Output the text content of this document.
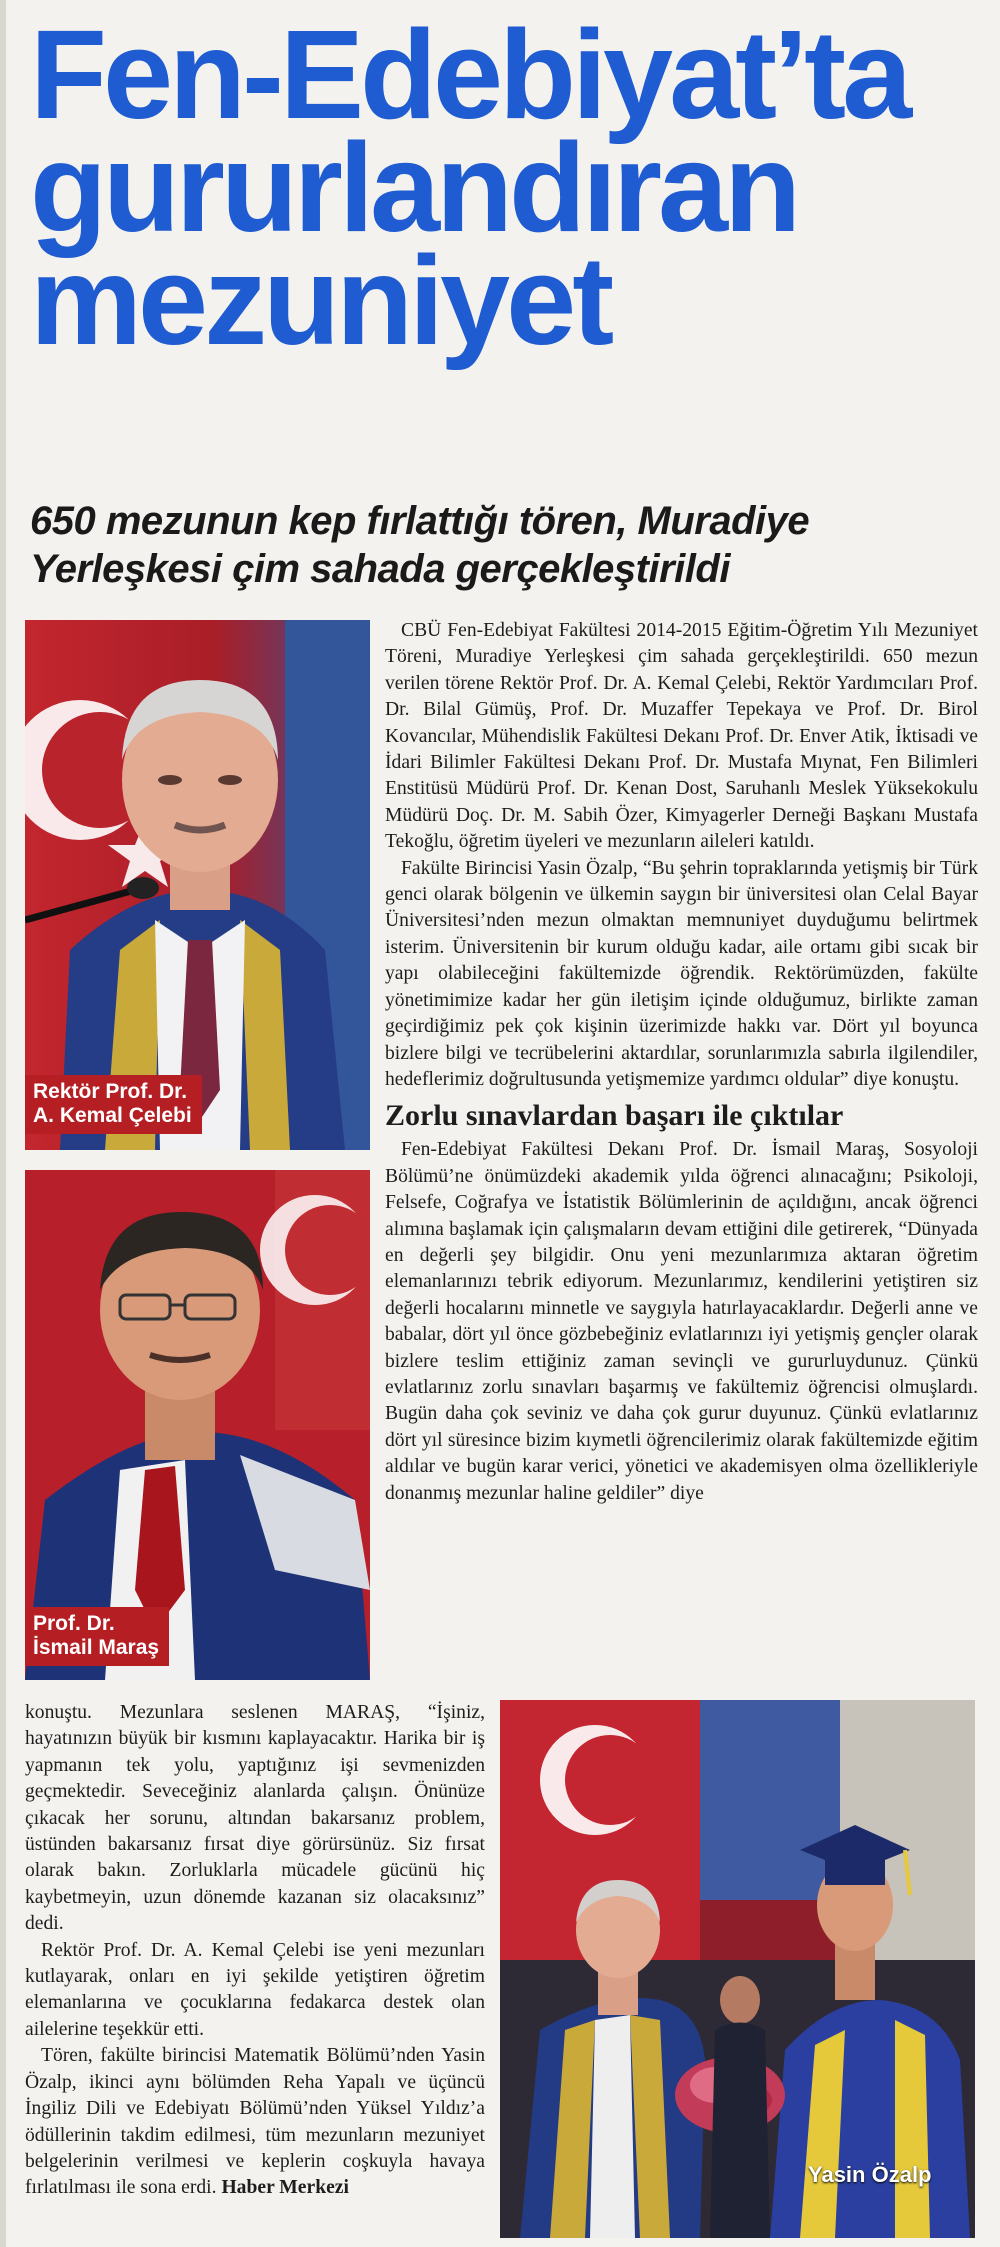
Fen-Edebiyat’ta
gururlandıran
mezuniyet
650 mezunun kep fırlattığı tören, Muradiye Yerleşkesi çim sahada gerçekleştirildi
Rektör Prof. Dr.
A. Kemal Çelebi
Prof. Dr.
İsmail Maraş
Yasin Özalp

CBÜ Fen-Edebiyat Fakültesi 2014-2015 Eğitim-Öğretim Yılı Mezuniyet Töreni, Muradiye Yerleşkesi çim sahada gerçekleştirildi. 650 mezun verilen törene Rektör Prof. Dr. A. Kemal Çelebi, Rektör Yardımcıları Prof. Dr. Bilal Gümüş, Prof. Dr. Muzaffer Tepekaya ve Prof. Dr. Birol Kovancılar, Mühendislik Fakültesi Dekanı Prof. Dr. Enver Atik, İktisadi ve İdari Bilimler Fakültesi Dekanı Prof. Dr. Mustafa Mıynat, Fen Bilimleri Enstitüsü Müdürü Prof. Dr. Kenan Dost, Saruhanlı Meslek Yüksekokulu Müdürü Doç. Dr. M. Sabih Özer, Kimyagerler Derneği Başkanı Mustafa Tekoğlu, öğretim üyeleri ve mezunların aileleri katıldı.

Fakülte Birincisi Yasin Özalp, “Bu şehrin topraklarında yetişmiş bir Türk genci olarak bölgenin ve ülkemin saygın bir üniversitesi olan Celal Bayar Üniversitesi’nden mezun olmaktan memnuniyet duyduğumu belirtmek isterim. Üniversitenin bir kurum olduğu kadar, aile ortamı gibi sıcak bir yapı olabileceğini fakültemizde öğrendik. Rektörümüzden, fakülte yönetimimize kadar her gün iletişim içinde olduğumuz, birlikte zaman geçirdiğimiz pek çok kişinin üzerimizde hakkı var. Dört yıl boyunca bizlere bilgi ve tecrübelerini aktardılar, sorunlarımızla sabırla ilgilendiler, hedeflerimiz doğrultusunda yetişmemize yardımcı oldular” diye konuştu.

Zorlu sınavlardan başarı ile çıktılar

Fen-Edebiyat Fakültesi Dekanı Prof. Dr. İsmail Maraş, Sosyoloji Bölümü’ne önümüzdeki akademik yılda öğrenci alınacağını; Psikoloji, Felsefe, Coğrafya ve İstatistik Bölümlerinin de açıldığını, ancak öğrenci alımına başlamak için çalışmaların devam ettiğini dile getirerek, “Dünyada en değerli şey bilgidir. Onu yeni mezunlarımıza aktaran öğretim elemanlarınızı tebrik ediyorum. Mezunlarımız, kendilerini yetiştiren siz değerli hocalarını minnetle ve saygıyla hatırlayacaklardır. Değerli anne ve babalar, dört yıl önce gözbebeğiniz evlatlarınızı iyi yetişmiş gençler olarak bizlere teslim ettiğiniz zaman sevinçli ve gururluydunuz. Çünkü evlatlarınız zorlu sınavları başarmış ve fakültemiz öğrencisi olmuşlardı. Bugün daha çok seviniz ve daha çok gurur duyunuz. Çünkü evlatlarınız dört yıl süresince bizim kıymetli öğrencilerimiz olarak fakültemizde eğitim aldılar ve bugün karar verici, yönetici ve akademisyen olma özellikleriyle donanmış mezunlar haline geldiler” diye

konuştu. Mezunlara seslenen MARAŞ, “İşiniz, hayatınızın büyük bir kısmını kaplayacaktır. Harika bir iş yapmanın tek yolu, yaptığınız işi sevmenizden geçmektedir. Seveceğiniz alanlarda çalışın. Önünüze çıkacak her sorunu, altından bakarsanız problem, üstünden bakarsanız fırsat diye görürsünüz. Siz fırsat olarak bakın. Zorluklarla mücadele gücünü hiç kaybetmeyin, uzun dönemde kazanan siz olacaksınız” dedi.

Rektör Prof. Dr. A. Kemal Çelebi ise yeni mezunları kutlayarak, onları en iyi şekilde yetiştiren öğretim elemanlarına ve çocuklarına fedakarca destek olan ailelerine teşekkür etti.

Tören, fakülte birincisi Matematik Bölümü’nden Yasin Özalp, ikinci aynı bölümden Reha Yapalı ve üçüncü İngiliz Dili ve Edebiyatı Bölümü’nden Yüksel Yıldız’a ödüllerinin takdim edilmesi, tüm mezunların mezuniyet belgelerinin verilmesi ve keplerin coşkuyla havaya fırlatılması ile sona erdi. Haber Merkezi
